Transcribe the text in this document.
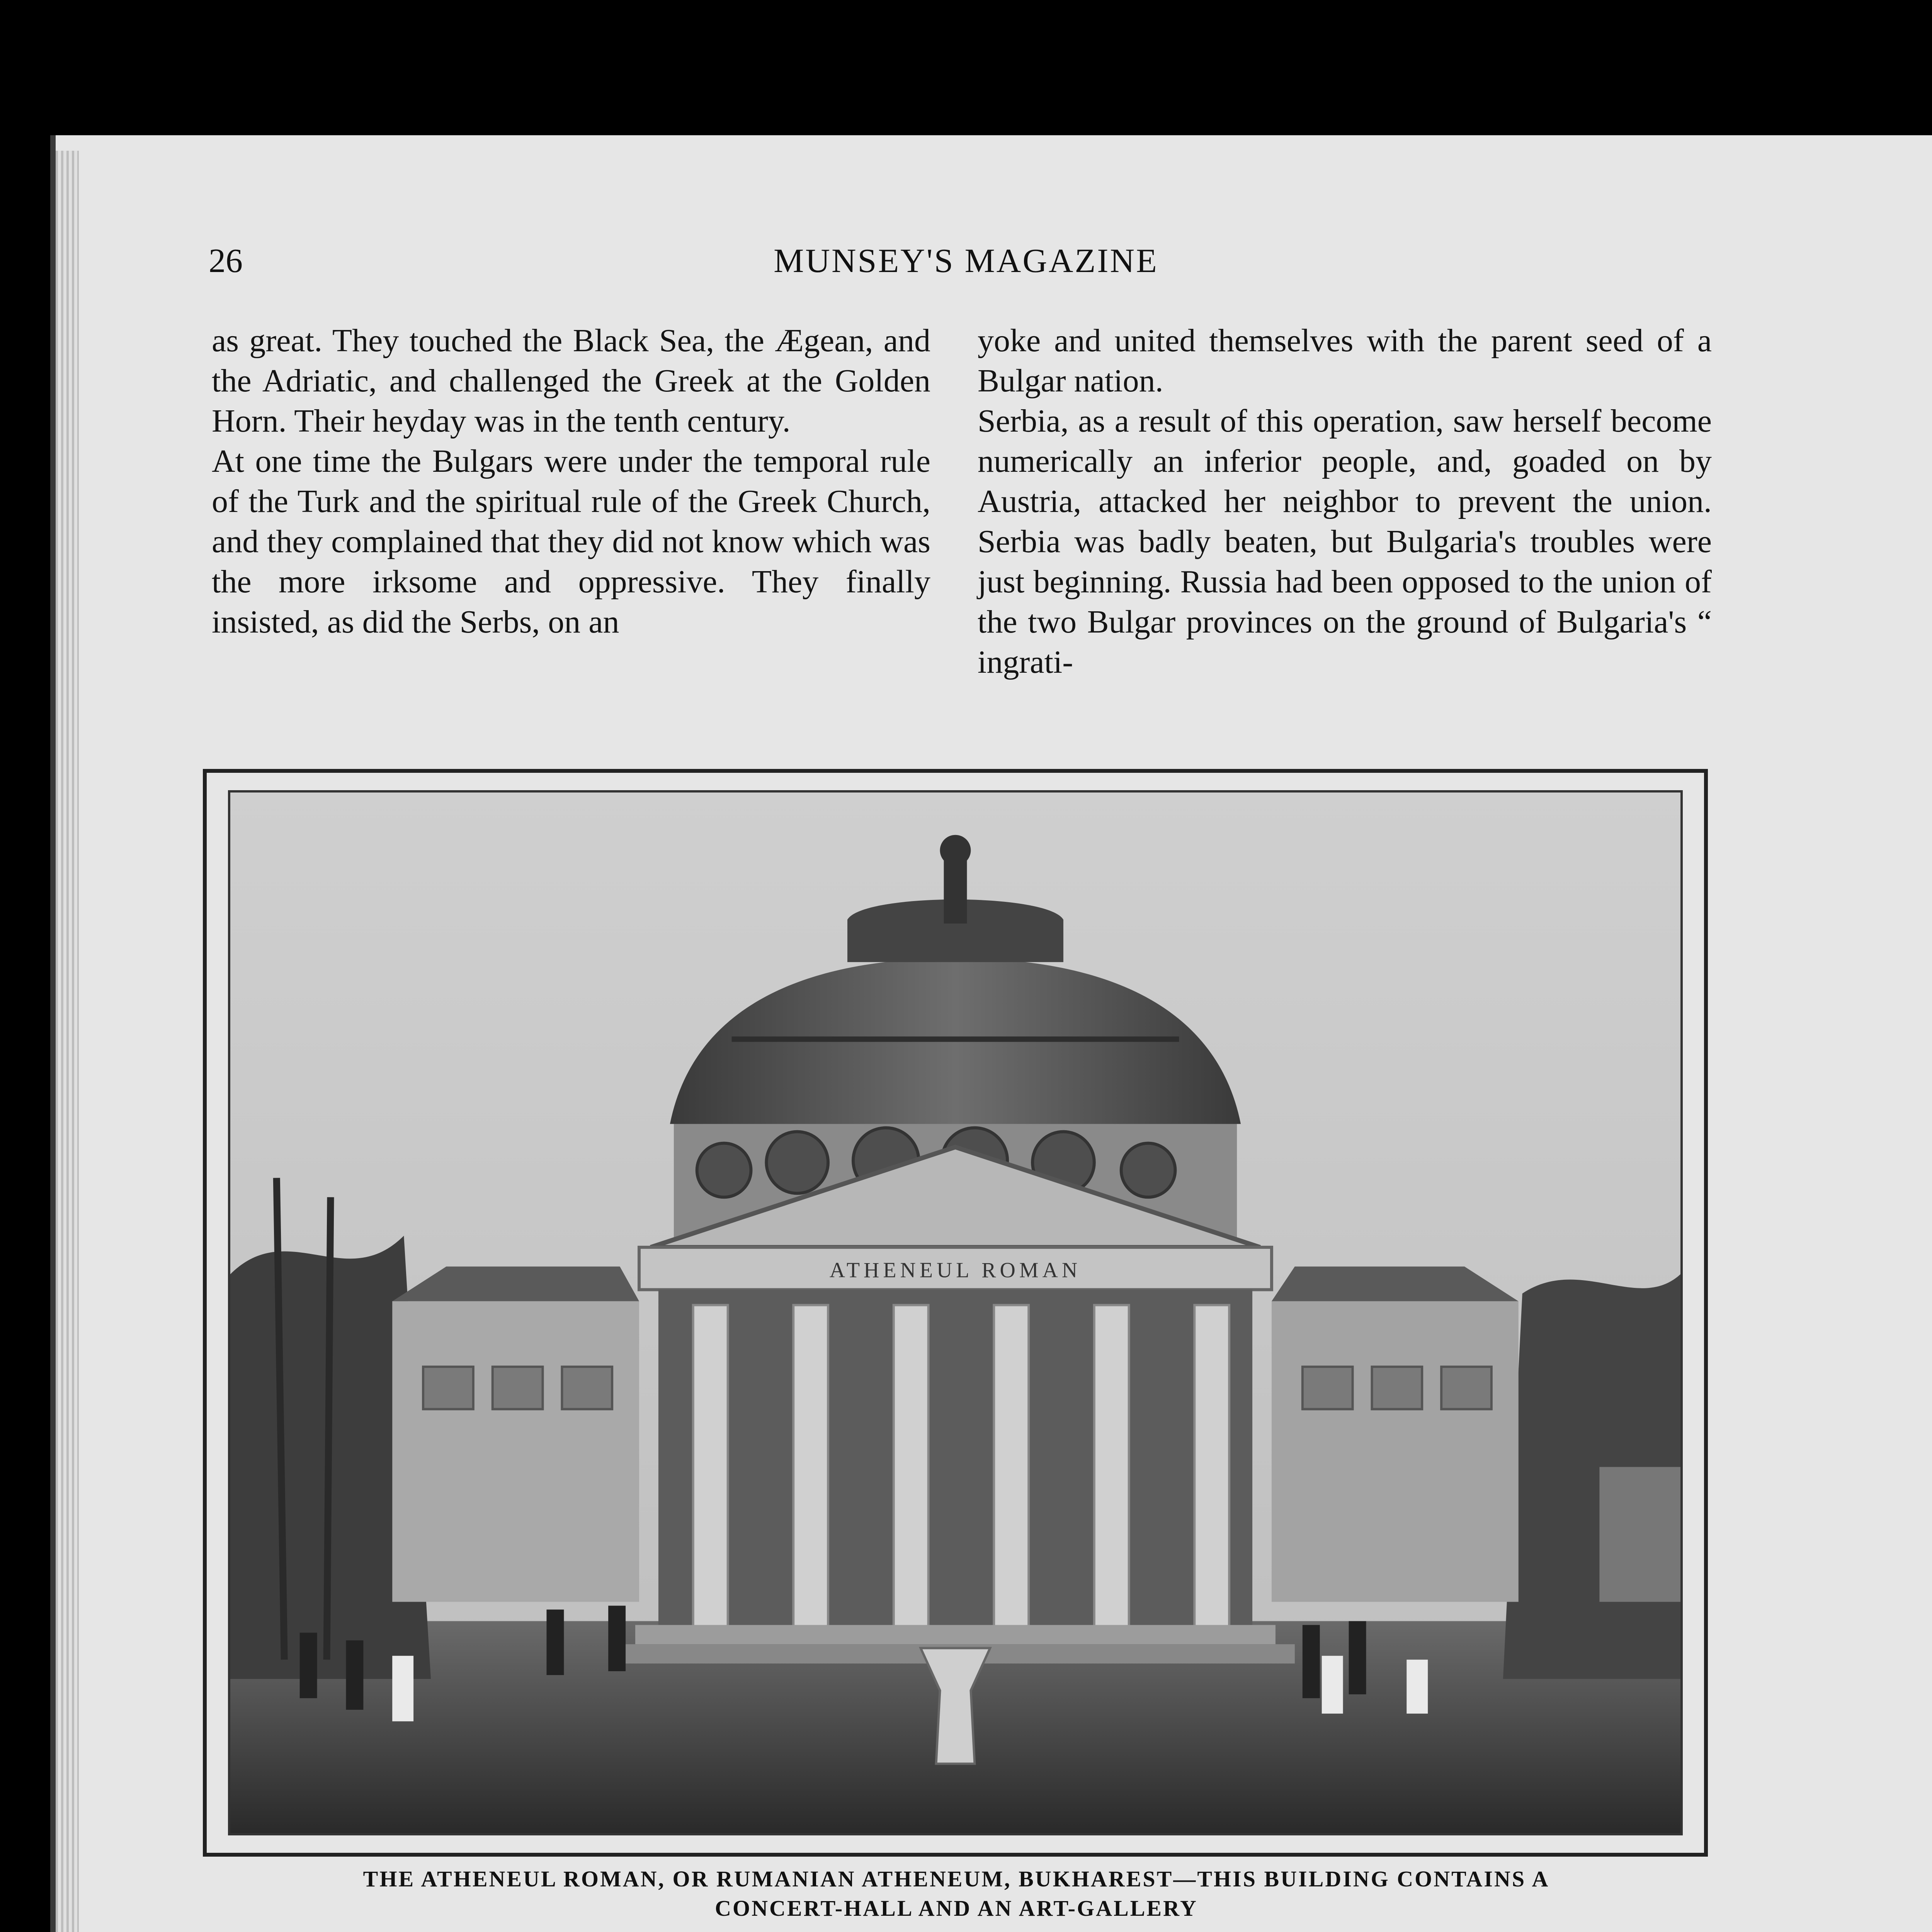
26	MUNSEY'S MAGAZINE
as great. They touched the Black Sea, the Ægean, and the Adriatic, and challenged the Greek at the Golden Horn. Their heyday was in the tenth century.
At one time the Bulgars were under the temporal rule of the Turk and the spiritual rule of the Greek Church, and they complained that they did not know which was the more irksome and oppressive. They finally insisted, as did the Serbs, on an
yoke and united themselves with the parent seed of a Bulgar nation.
Serbia, as a result of this operation, saw herself become numerically an inferior people, and, goaded on by Austria, attacked her neighbor to prevent the union. Serbia was badly beaten, but Bulgaria's troubles were just beginning. Russia had been opposed to the union of the two Bulgar provinces on the ground of Bulgaria's “ ingrati-
ATHENEUL ROMAN
THE ATHENEUL ROMAN, OR RUMANIAN ATHENEUM, BUKHAREST—THIS BUILDING CONTAINS A
CONCERT-HALL AND AN ART-GALLERY
